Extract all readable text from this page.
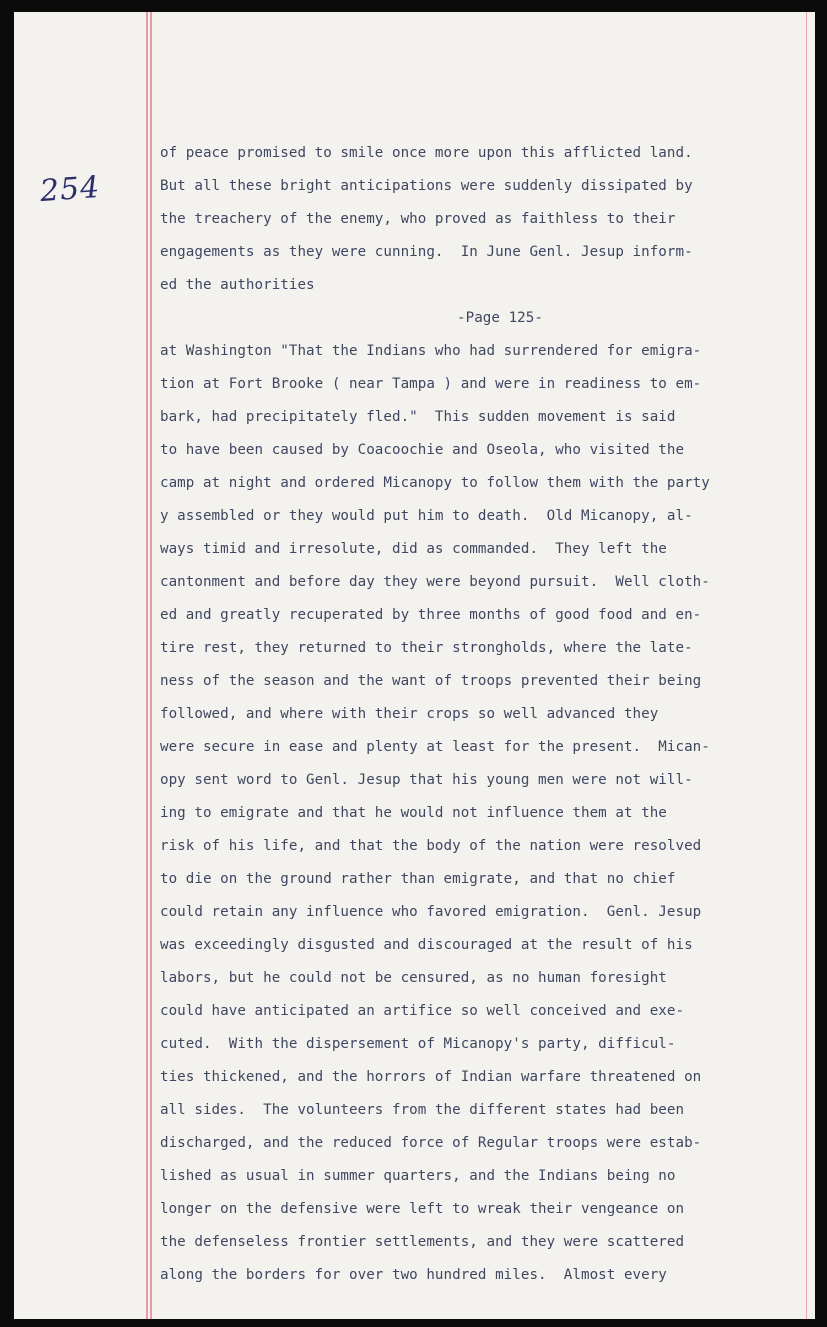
254
of peace promised to smile once more upon this afflicted land.
But all these bright anticipations were suddenly dissipated by
the treachery of the enemy, who proved as faithless to their
engagements as they were cunning.  In June Genl. Jesup inform-
ed the authorities
-Page 125-
at Washington "That the Indians who had surrendered for emigra-
tion at Fort Brooke ( near Tampa ) and were in readiness to em-
bark, had precipitately fled."  This sudden movement is said
to have been caused by Coacoochie and Oseola, who visited the
camp at night and ordered Micanopy to follow them with the party
y assembled or they would put him to death.  Old Micanopy, al-
ways timid and irresolute, did as commanded.  They left the
cantonment and before day they were beyond pursuit.  Well cloth-
ed and greatly recuperated by three months of good food and en-
tire rest, they returned to their strongholds, where the late-
ness of the season and the want of troops prevented their being
followed, and where with their crops so well advanced they
were secure in ease and plenty at least for the present.  Mican-
opy sent word to Genl. Jesup that his young men were not will-
ing to emigrate and that he would not influence them at the
risk of his life, and that the body of the nation were resolved
to die on the ground rather than emigrate, and that no chief
could retain any influence who favored emigration.  Genl. Jesup
was exceedingly disgusted and discouraged at the result of his
labors, but he could not be censured, as no human foresight
could have anticipated an artifice so well conceived and exe-
cuted.  With the dispersement of Micanopy's party, difficul-
ties thickened, and the horrors of Indian warfare threatened on
all sides.  The volunteers from the different states had been
discharged, and the reduced force of Regular troops were estab-
lished as usual in summer quarters, and the Indians being no
longer on the defensive were left to wreak their vengeance on
the defenseless frontier settlements, and they were scattered
along the borders for over two hundred miles.  Almost every
